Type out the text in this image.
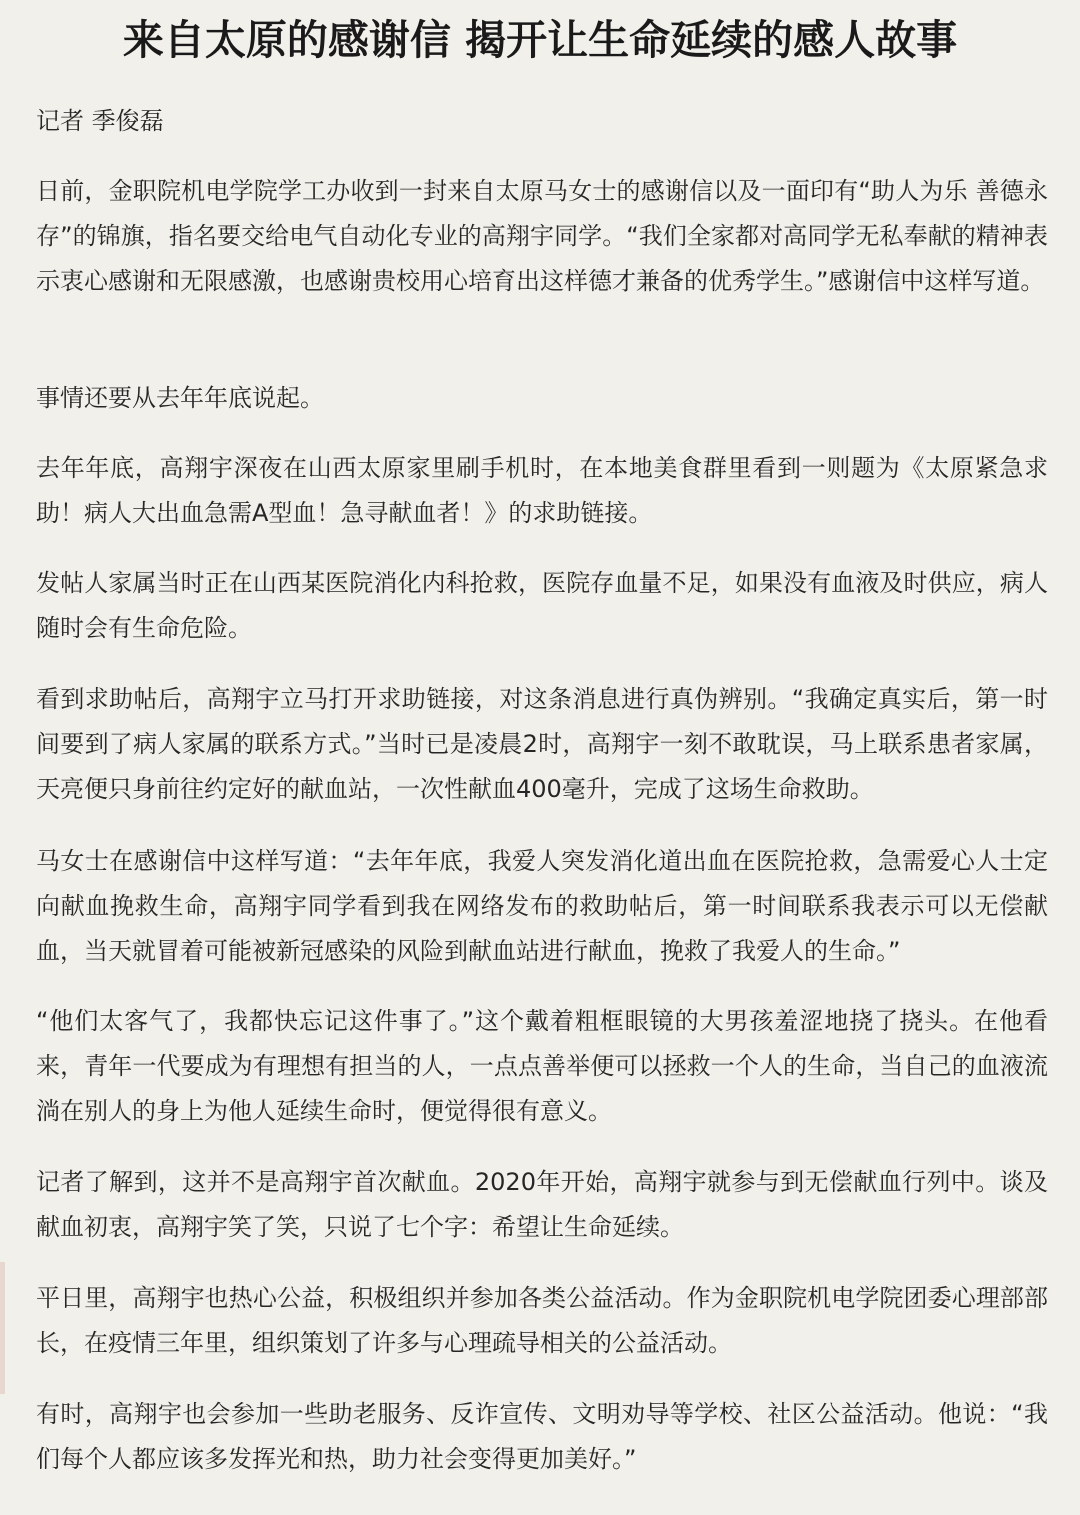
来自太原的感谢信 揭开让生命延续的感人故事

记者 季俊磊

日前，金职院机电学院学工办收到一封来自太原马女士的感谢信以及一面印有“助人为乐 善德永存”的锦旗，指名要交给电气自动化专业的高翔宇同学。“我们全家都对高同学无私奉献的精神表示衷心感谢和无限感激，也感谢贵校用心培育出这样德才兼备的优秀学生。”感谢信中这样写道。

事情还要从去年年底说起。

去年年底，高翔宇深夜在山西太原家里刷手机时，在本地美食群里看到一则题为《太原紧急求助！病人大出血急需A型血！急寻献血者！》的求助链接。

发帖人家属当时正在山西某医院消化内科抢救，医院存血量不足，如果没有血液及时供应，病人随时会有生命危险。

看到求助帖后，高翔宇立马打开求助链接，对这条消息进行真伪辨别。“我确定真实后，第一时间要到了病人家属的联系方式。”当时已是凌晨2时，高翔宇一刻不敢耽误，马上联系患者家属，天亮便只身前往约定好的献血站，一次性献血400毫升，完成了这场生命救助。

马女士在感谢信中这样写道：“去年年底，我爱人突发消化道出血在医院抢救，急需爱心人士定向献血挽救生命，高翔宇同学看到我在网络发布的救助帖后，第一时间联系我表示可以无偿献血，当天就冒着可能被新冠感染的风险到献血站进行献血，挽救了我爱人的生命。”

“他们太客气了，我都快忘记这件事了。”这个戴着粗框眼镜的大男孩羞涩地挠了挠头。在他看来，青年一代要成为有理想有担当的人，一点点善举便可以拯救一个人的生命，当自己的血液流淌在别人的身上为他人延续生命时，便觉得很有意义。

记者了解到，这并不是高翔宇首次献血。2020年开始，高翔宇就参与到无偿献血行列中。谈及献血初衷，高翔宇笑了笑，只说了七个字：希望让生命延续。

平日里，高翔宇也热心公益，积极组织并参加各类公益活动。作为金职院机电学院团委心理部部长，在疫情三年里，组织策划了许多与心理疏导相关的公益活动。

有时，高翔宇也会参加一些助老服务、反诈宣传、文明劝导等学校、社区公益活动。他说：“我们每个人都应该多发挥光和热，助力社会变得更加美好。”
